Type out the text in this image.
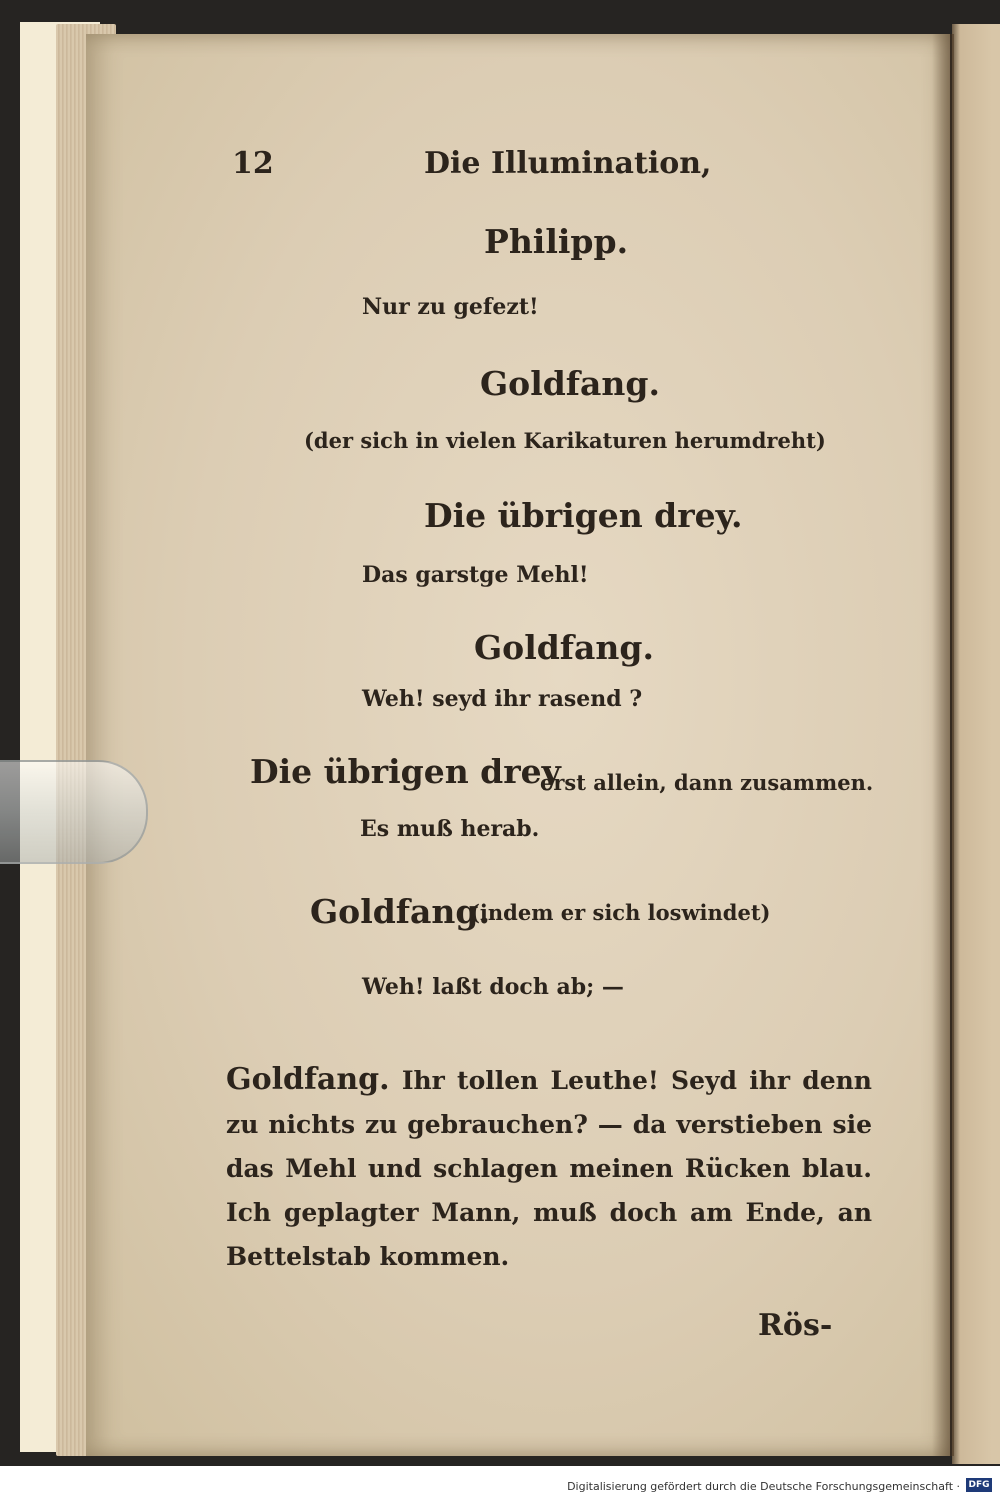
12	Die Illumination,

Philipp.

Nur zu gefezt!

Goldfang.

(der sich in vielen Karikaturen herumdreht)

Die übrigen drey.

Das garstge Mehl!

Goldfang.

Weh! seyd ihr rasend ?

Die übrigen drey

erst allein, dann zusammen.

Es muß herab.

Goldfang.

(indem er sich loswindet)

Weh! laßt doch ab; —

Goldfang. Ihr tollen Leuthe! Seyd ihr denn zu nichts zu gebrauchen? — da verstieben sie das Mehl und schlagen meinen Rücken blau. Ich geplagter Mann, muß doch am Ende, an Bettelstab kommen.

Rös-

Digitalisierung gefördert durch die Deutsche Forschungsgemeinschaft · DFG
